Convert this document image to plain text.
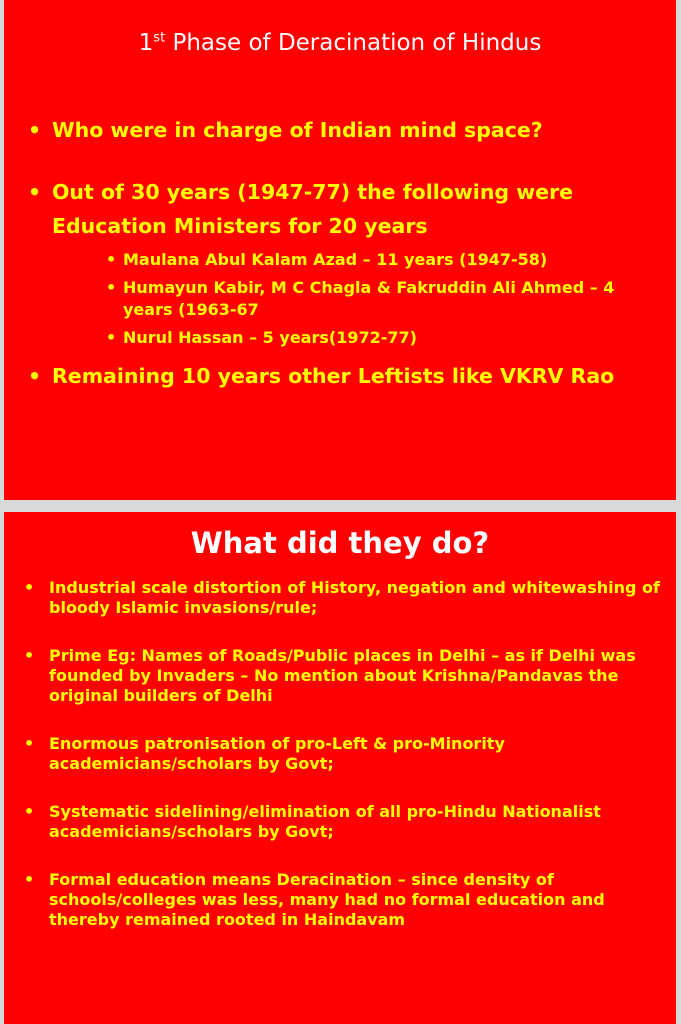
1st Phase of Deracination of Hindus
• Who were in charge of Indian mind space?
• Out of 30 years (1947-77) the following were Education Ministers for 20 years
• Maulana Abul Kalam Azad – 11 years (1947-58)
• Humayun Kabir, M C Chagla & Fakruddin Ali Ahmed – 4 years (1963-67
• Nurul Hassan – 5 years(1972-77)
• Remaining 10 years other Leftists like VKRV Rao
What did they do?
• Industrial scale distortion of History, negation and whitewashing of bloody Islamic invasions/rule;
• Prime Eg: Names of Roads/Public places in Delhi – as if Delhi was founded by Invaders – No mention about Krishna/Pandavas the original builders of Delhi
• Enormous patronisation of pro-Left & pro-Minority academicians/scholars by Govt;
• Systematic sidelining/elimination of all pro-Hindu Nationalist academicians/scholars by Govt;
• Formal education means Deracination – since density of schools/colleges was less, many had no formal education and thereby remained rooted in Haindavam
